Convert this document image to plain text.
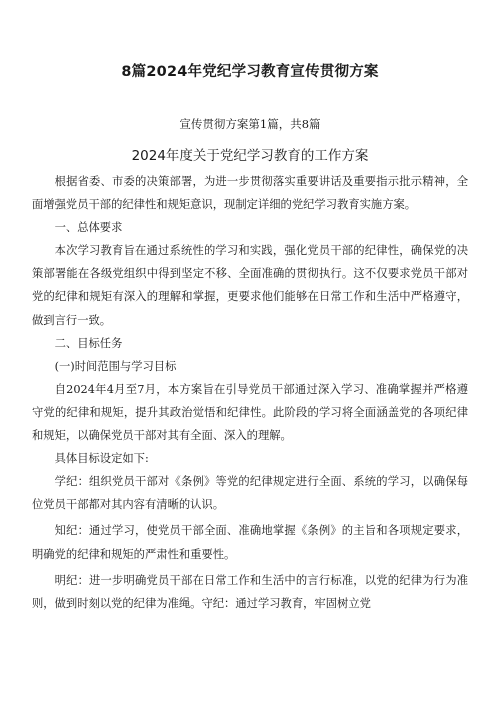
8篇2024年党纪学习教育宣传贯彻方案
宣传贯彻方案第1篇，共8篇
2024年度关于党纪学习教育的工作方案

根据省委、市委的决策部署，为进一步贯彻落实重要讲话及重要指示批示精神，全面增强党员干部的纪律性和规矩意识，现制定详细的党纪学习教育实施方案。

一、总体要求

本次学习教育旨在通过系统性的学习和实践，强化党员干部的纪律性，确保党的决策部署能在各级党组织中得到坚定不移、全面准确的贯彻执行。这不仅要求党员干部对党的纪律和规矩有深入的理解和掌握，更要求他们能够在日常工作和生活中严格遵守，做到言行一致。

二、目标任务

(一)时间范围与学习目标

自2024年4月至7月，本方案旨在引导党员干部通过深入学习、准确掌握并严格遵守党的纪律和规矩，提升其政治觉悟和纪律性。此阶段的学习将全面涵盖党的各项纪律和规矩，以确保党员干部对其有全面、深入的理解。

具体目标设定如下:

学纪：组织党员干部对《条例》等党的纪律规定进行全面、系统的学习，以确保每位党员干部都对其内容有清晰的认识。

知纪：通过学习，使党员干部全面、准确地掌握《条例》的主旨和各项规定要求，明确党的纪律和规矩的严肃性和重要性。

明纪：进一步明确党员干部在日常工作和生活中的言行标准，以党的纪律为行为准则，做到时刻以党的纪律为准绳。守纪：通过学习教育，牢固树立党
